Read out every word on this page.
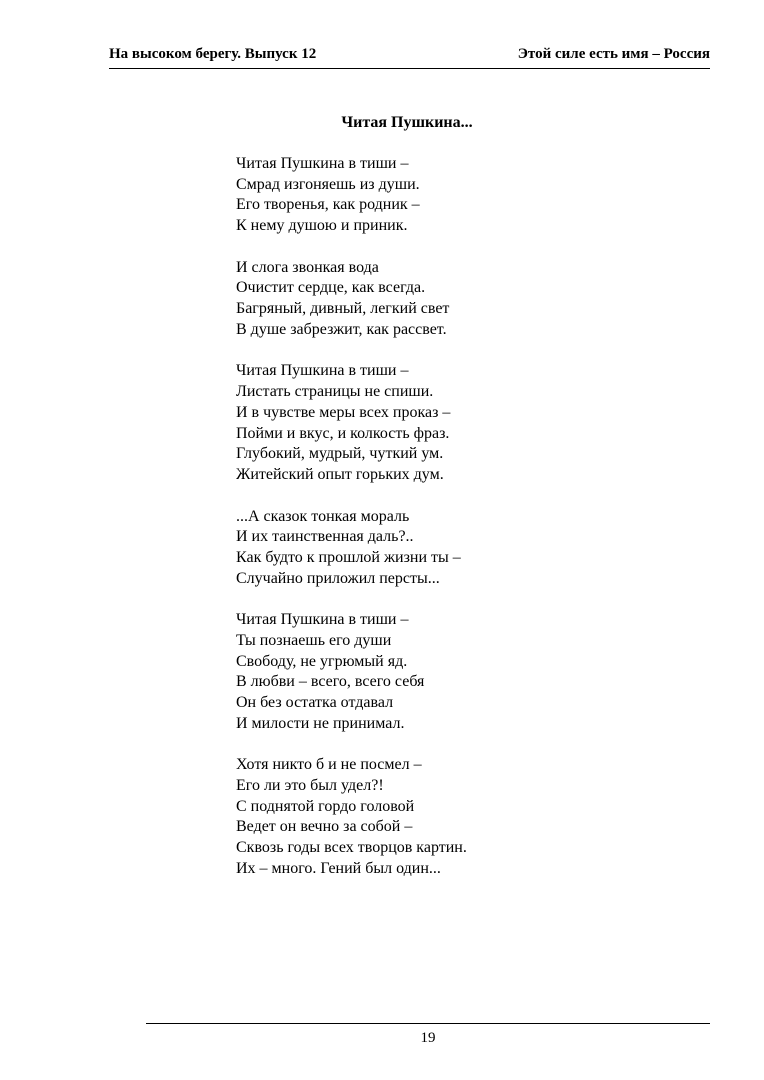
На высоком берегу. Выпуск 12	Этой силе есть имя – Россия
Читая Пушкина...
Читая Пушкина в тиши –
Смрад изгоняешь из души.
Его творенья, как родник –
К нему душою и приник.
И слога звонкая вода
Очистит сердце, как всегда.
Багряный, дивный, легкий свет
В душе забрезжит, как рассвет.
Читая Пушкина в тиши –
Листать страницы не спиши.
И в чувстве меры всех проказ –
Пойми и вкус, и колкость фраз.
Глубокий, мудрый, чуткий ум.
Житейский опыт горьких дум.
...А сказок тонкая мораль
И их таинственная даль?..
Как будто к прошлой жизни ты –
Случайно приложил персты...
Читая Пушкина в тиши –
Ты познаешь его души
Свободу, не угрюмый яд.
В любви – всего, всего себя
Он без остатка отдавал
И милости не принимал.
Хотя никто б и не посмел –
Его ли это был удел?!
С поднятой гордо головой
Ведет он вечно за собой –
Сквозь годы всех творцов картин.
Их – много. Гений был один...
19
